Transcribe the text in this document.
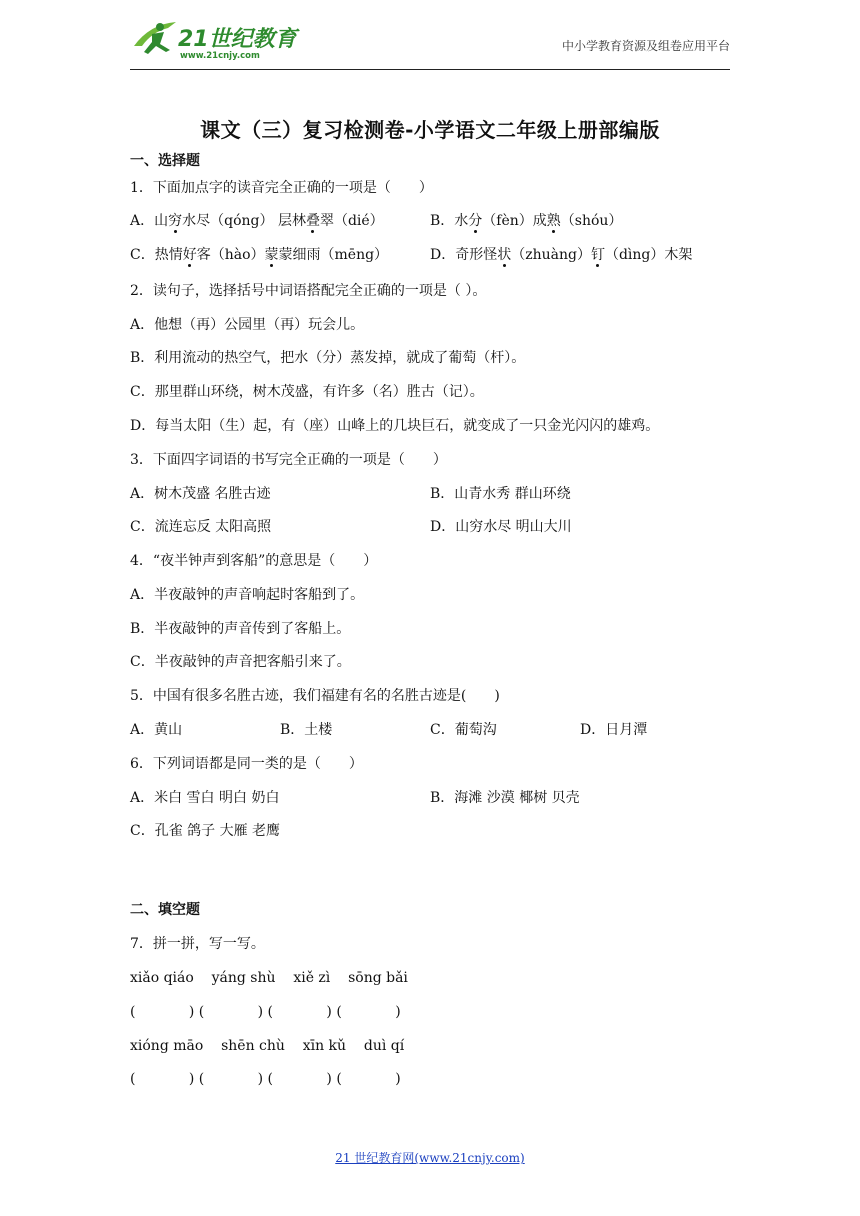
21世纪教育
www.21cnjy.com
中小学教育资源及组卷应用平台
课文（三）复习检测卷-小学语文二年级上册部编版
一、选择题
1．下面加点字的读音完全正确的一项是（　　）
A．山穷水尽（qóng） 层林叠翠（dié）	B．水分（fèn）成熟（shóu）
C．热情好客（hào）蒙蒙细雨（mēng）	D．奇形怪状（zhuàng）钉（dìng）木架
2．读句子，选择括号中词语搭配完全正确的一项是（ ）。
A．他想（再）公园里（再）玩会儿。
B．利用流动的热空气，把水（分）蒸发掉，就成了葡萄（杆）。
C．那里群山环绕，树木茂盛，有许多（名）胜古（记）。
D．每当太阳（生）起，有（座）山峰上的几块巨石，就变成了一只金光闪闪的雄鸡。
3．下面四字词语的书写完全正确的一项是（　　）
A．树木茂盛 名胜古迹	B．山青水秀 群山环绕
C．流连忘反 太阳高照	D．山穷水尽 明山大川
4．“夜半钟声到客船”的意思是（　　）
A．半夜敲钟的声音响起时客船到了。
B．半夜敲钟的声音传到了客船上。
C．半夜敲钟的声音把客船引来了。
5．中国有很多名胜古迹，我们福建有名的名胜古迹是(　　)
A．黄山	B．土楼	C．葡萄沟	D．日月潭
6．下列词语都是同一类的是（　　）
A．米白 雪白 明白 奶白	B．海滩 沙漠 椰树 贝壳
C．孔雀 鸽子 大雁 老鹰
二、填空题
7．拼一拼，写一写。
xiǎo qiáo    yáng shù    xiě zì    sōng bǎi
(            ) (            ) (            ) (            )
xióng māo    shēn chù    xīn kǔ    duì qí
(            ) (            ) (            ) (            )
21 世纪教育网(www.21cnjy.com)
